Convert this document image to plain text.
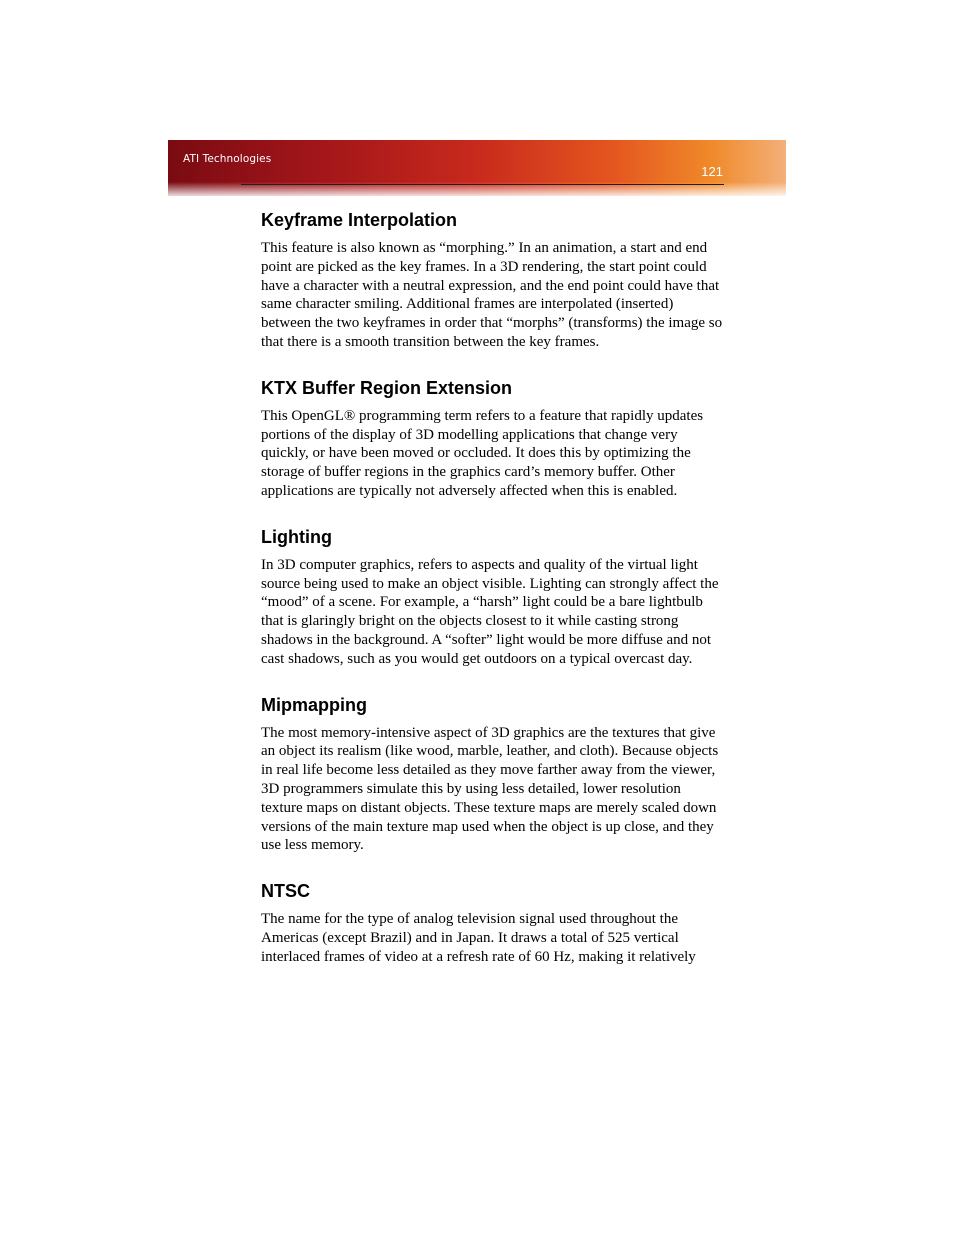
ATI Technologies
121
Keyframe Interpolation

This feature is also known as “morphing.” In an animation, a start and end point are picked as the key frames. In a 3D rendering, the start point could have a character with a neutral expression, and the end point could have that same character smiling. Additional frames are interpolated (inserted) between the two keyframes in order that “morphs” (transforms) the image so that there is a smooth transition between the key frames.

KTX Buffer Region Extension

This OpenGL® programming term refers to a feature that rapidly updates portions of the display of 3D modelling applications that change very quickly, or have been moved or occluded. It does this by optimizing the storage of buffer regions in the graphics card’s memory buffer. Other applications are typically not adversely affected when this is enabled.

Lighting

In 3D computer graphics, refers to aspects and quality of the virtual light source being used to make an object visible. Lighting can strongly affect the “mood” of a scene. For example, a “harsh” light could be a bare lightbulb that is glaringly bright on the objects closest to it while casting strong shadows in the background. A “softer” light would be more diffuse and not cast shadows, such as you would get outdoors on a typical overcast day.

Mipmapping

The most memory-intensive aspect of 3D graphics are the textures that give an object its realism (like wood, marble, leather, and cloth). Because objects in real life become less detailed as they move farther away from the viewer, 3D programmers simulate this by using less detailed, lower resolution texture maps on distant objects. These texture maps are merely scaled down versions of the main texture map used when the object is up close, and they use less memory.

NTSC

The name for the type of analog television signal used throughout the Americas (except Brazil) and in Japan. It draws a total of 525 vertical interlaced frames of video at a refresh rate of 60 Hz, making it relatively
